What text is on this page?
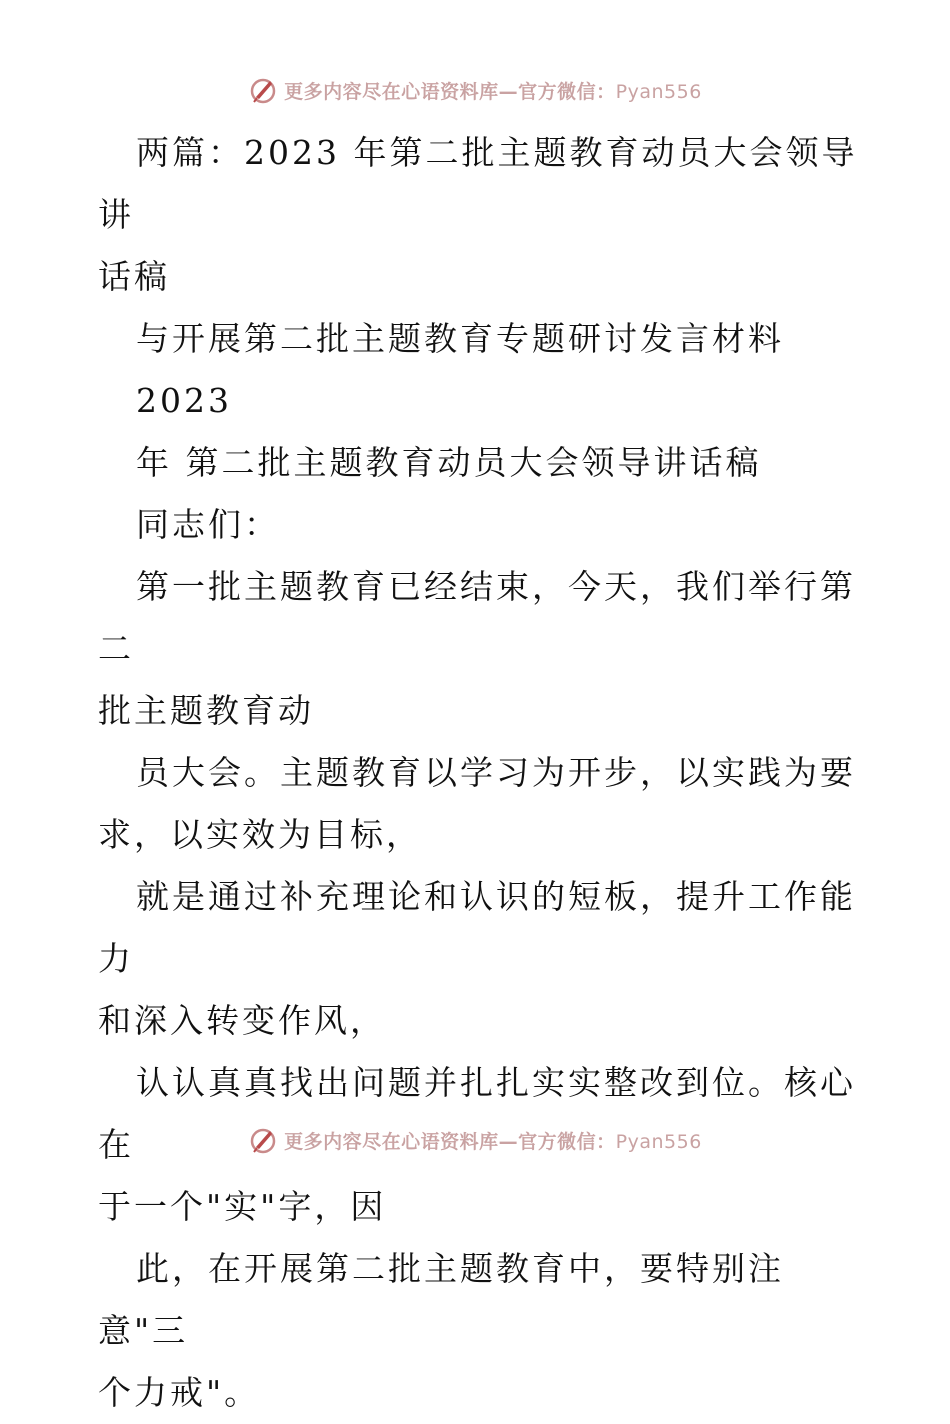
更多内容尽在心语资料库—官方微信：Pyan556

两篇：2023 年第二批主题教育动员大会领导讲

话稿

与开展第二批主题教育专题研讨发言材料

2023

年 第二批主题教育动员大会领导讲话稿

同志们：

第一批主题教育已经结束，今天，我们举行第二

批主题教育动

员大会。主题教育以学习为开步，以实践为要

求，以实效为目标，

就是通过补充理论和认识的短板，提升工作能力

和深入转变作风，

认认真真找出问题并扎扎实实整改到位。核心在

于一个"实"字，因

此，在开展第二批主题教育中，要特别注意"三

个力戒"。

更多内容尽在心语资料库—官方微信：Pyan556
